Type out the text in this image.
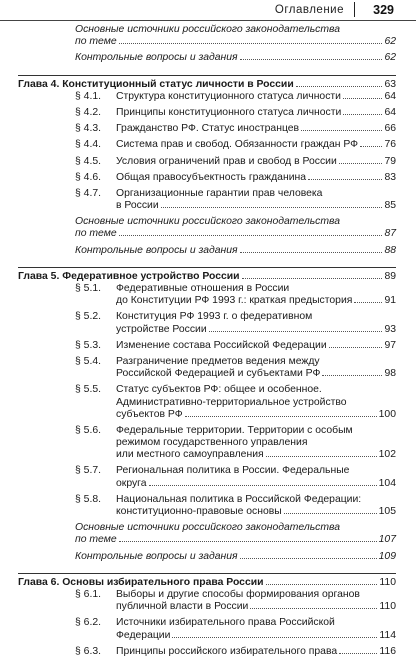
Оглавление 329
Основные источники российского законодательства
по теме	62
Контрольные вопросы и задания	62
Глава 4. Конституционный статус личности в России	63
§ 4.1. Структура конституционного статуса личности	64
§ 4.2. Принципы конституционного статуса личности	64
§ 4.3. Гражданство РФ. Статус иностранцев	66
§ 4.4. Система прав и свобод. Обязанности граждан РФ	76
§ 4.5. Условия ограничений прав и свобод в России	79
§ 4.6. Общая правосубъектность гражданина	83
§ 4.7. Организационные гарантии прав человека
в России	85
Основные источники российского законодательства
по теме	87
Контрольные вопросы и задания	88
Глава 5. Федеративное устройство России	89
§ 5.1. Федеративные отношения в России
до Конституции РФ 1993 г.: краткая предыстория	91
§ 5.2. Конституция РФ 1993 г. о федеративном
устройстве России	93
§ 5.3. Изменение состава Российской Федерации	97
§ 5.4. Разграничение предметов ведения между
Российской Федерацией и субъектами РФ	98
§ 5.5. Статус субъектов РФ: общее и особенное.
Административно-территориальное устройство
субъектов РФ	100
§ 5.6. Федеральные территории. Территории с особым
режимом государственного управления
или местного самоуправления	102
§ 5.7. Региональная политика в России. Федеральные
округа	104
§ 5.8. Национальная политика в Российской Федерации:
конституционно-правовые основы	105
Основные источники российского законодательства
по теме	107
Контрольные вопросы и задания	109
Глава 6. Основы избирательного права России	110
§ 6.1. Выборы и другие способы формирования органов
публичной власти в России	110
§ 6.2. Источники избирательного права Российской
Федерации	114
§ 6.3. Принципы российского избирательного права	116
